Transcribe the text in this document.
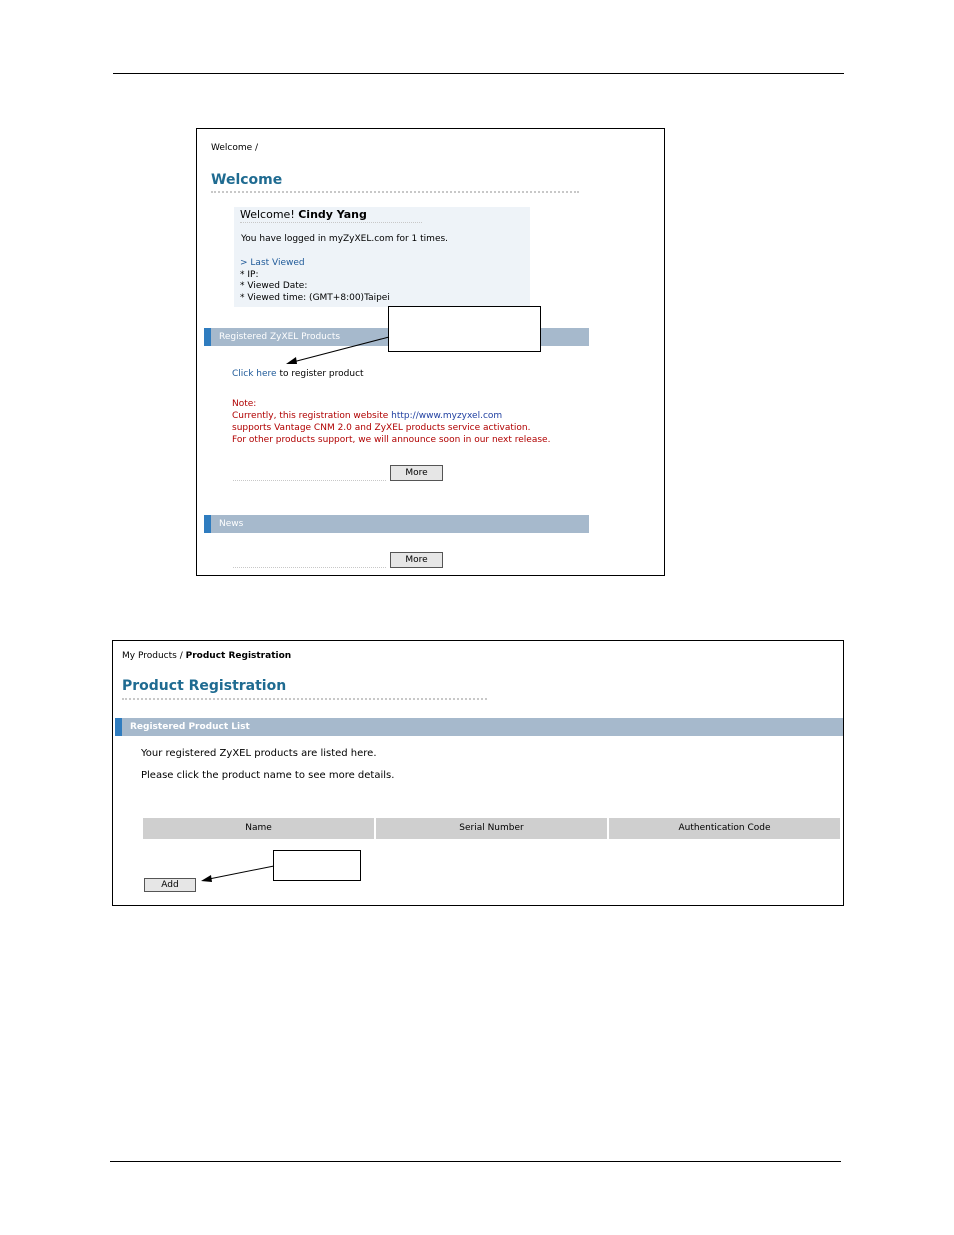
Welcome /
Welcome
Welcome! Cindy Yang
You have logged in myZyXEL.com for 1 times.
> Last Viewed
* IP:
* Viewed Date:
* Viewed time: (GMT+8:00)Taipei
Registered ZyXEL Products
Click here to register product
Note:
Currently, this registration website http://www.myzyxel.com
supports Vantage CNM 2.0 and ZyXEL products service activation.
For other products support, we will announce soon in our next release.
More
News
More
My Products / Product Registration
Product Registration
Registered Product List
Your registered ZyXEL products are listed here.
Please click the product name to see more details.
Name	Serial Number	Authentication Code
Add
